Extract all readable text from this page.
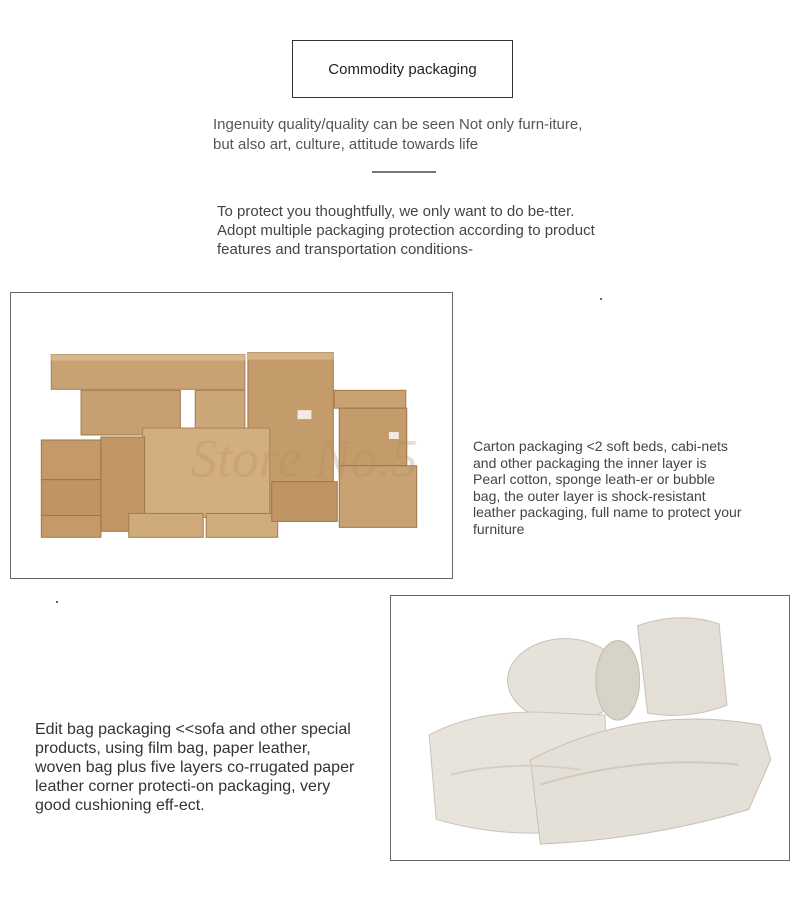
Commodity packaging
Ingenuity quality/quality can be seen Not only furn-iture, but also art, culture, attitude towards life
To protect you thoughtfully, we only want to do be-tter. Adopt multiple packaging protection according to product features and transportation conditions-
Store No.5	Carton packaging <2 soft beds, cabi-nets and other packaging the inner layer is Pearl cotton, sponge leath-er or bubble bag, the outer layer is shock-resistant leather packaging, full name to protect your furniture
Edit bag packaging <<sofa and other special products, using film bag, paper leather, woven bag plus five layers co-rrugated paper leather corner protecti-on packaging, very good cushioning eff-ect.
